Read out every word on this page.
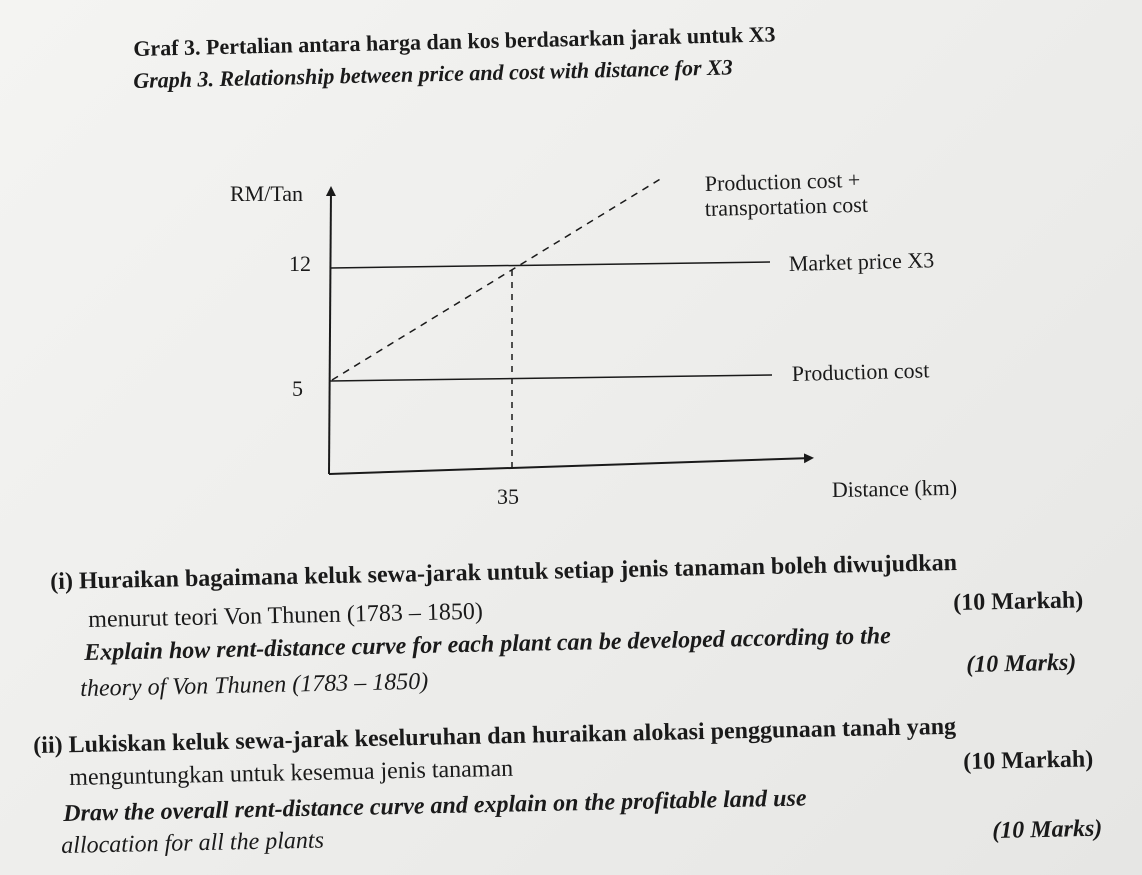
Graf 3. Pertalian antara harga dan kos berdasarkan jarak untuk X3
Graph 3. Relationship between price and cost with distance for X3
RM/Tan
12
5
35	Distance (km)
Production cost +
transportation cost
Market price X3
Production cost
(i) Huraikan bagaimana keluk sewa-jarak untuk setiap jenis tanaman boleh diwujudkan
menurut teori Von Thunen (1783 – 1850)	(10 Markah)
Explain how rent-distance curve for each plant can be developed according to the
theory of Von Thunen (1783 – 1850)
(10 Marks)
(ii) Lukiskan keluk sewa-jarak keseluruhan dan huraikan alokasi penggunaan tanah yang
menguntungkan untuk kesemua jenis tanaman	(10 Markah)
Draw the overall rent-distance curve and explain on the profitable land use
allocation for all the plants	(10 Marks)
